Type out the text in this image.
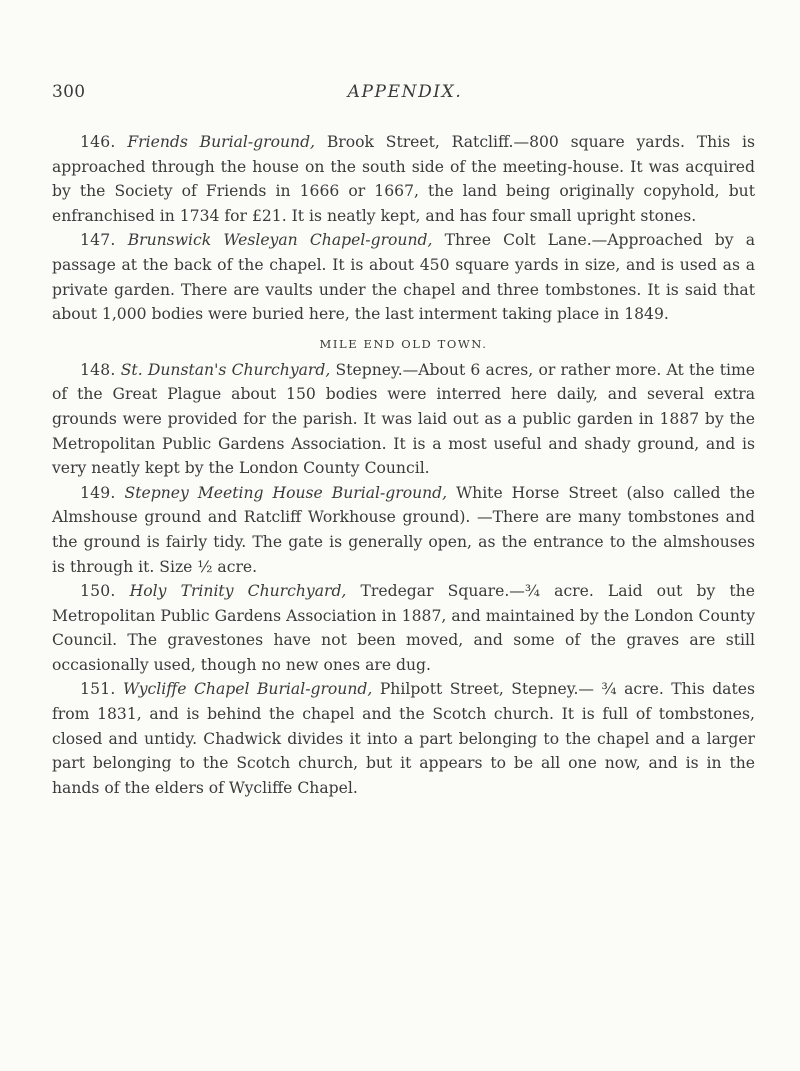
300	APPENDIX.

146. Friends Burial-ground, Brook Street, Ratcliff.—800 square yards. This is approached through the house on the south side of the meeting-house. It was acquired by the Society of Friends in 1666 or 1667, the land being originally copyhold, but enfranchised in 1734 for £21. It is neatly kept, and has four small upright stones.

147. Brunswick Wesleyan Chapel-ground, Three Colt Lane.—Approached by a passage at the back of the chapel. It is about 450 square yards in size, and is used as a private garden. There are vaults under the chapel and three tombstones. It is said that about 1,000 bodies were buried here, the last interment taking place in 1849.

MILE END OLD TOWN.

148. St. Dunstan's Churchyard, Stepney.—About 6 acres, or rather more. At the time of the Great Plague about 150 bodies were interred here daily, and several extra grounds were provided for the parish. It was laid out as a public garden in 1887 by the Metropolitan Public Gardens Association. It is a most useful and shady ground, and is very neatly kept by the London County Council.

149. Stepney Meeting House Burial-ground, White Horse Street (also called the Almshouse ground and Ratcliff Workhouse ground). —There are many tombstones and the ground is fairly tidy. The gate is generally open, as the entrance to the almshouses is through it. Size ½ acre.

150. Holy Trinity Churchyard, Tredegar Square.—¾ acre. Laid out by the Metropolitan Public Gardens Association in 1887, and maintained by the London County Council. The gravestones have not been moved, and some of the graves are still occasionally used, though no new ones are dug.

151. Wycliffe Chapel Burial-ground, Philpott Street, Stepney.— ¾ acre. This dates from 1831, and is behind the chapel and the Scotch church. It is full of tombstones, closed and untidy. Chadwick divides it into a part belonging to the chapel and a larger part belonging to the Scotch church, but it appears to be all one now, and is in the hands of the elders of Wycliffe Chapel.
